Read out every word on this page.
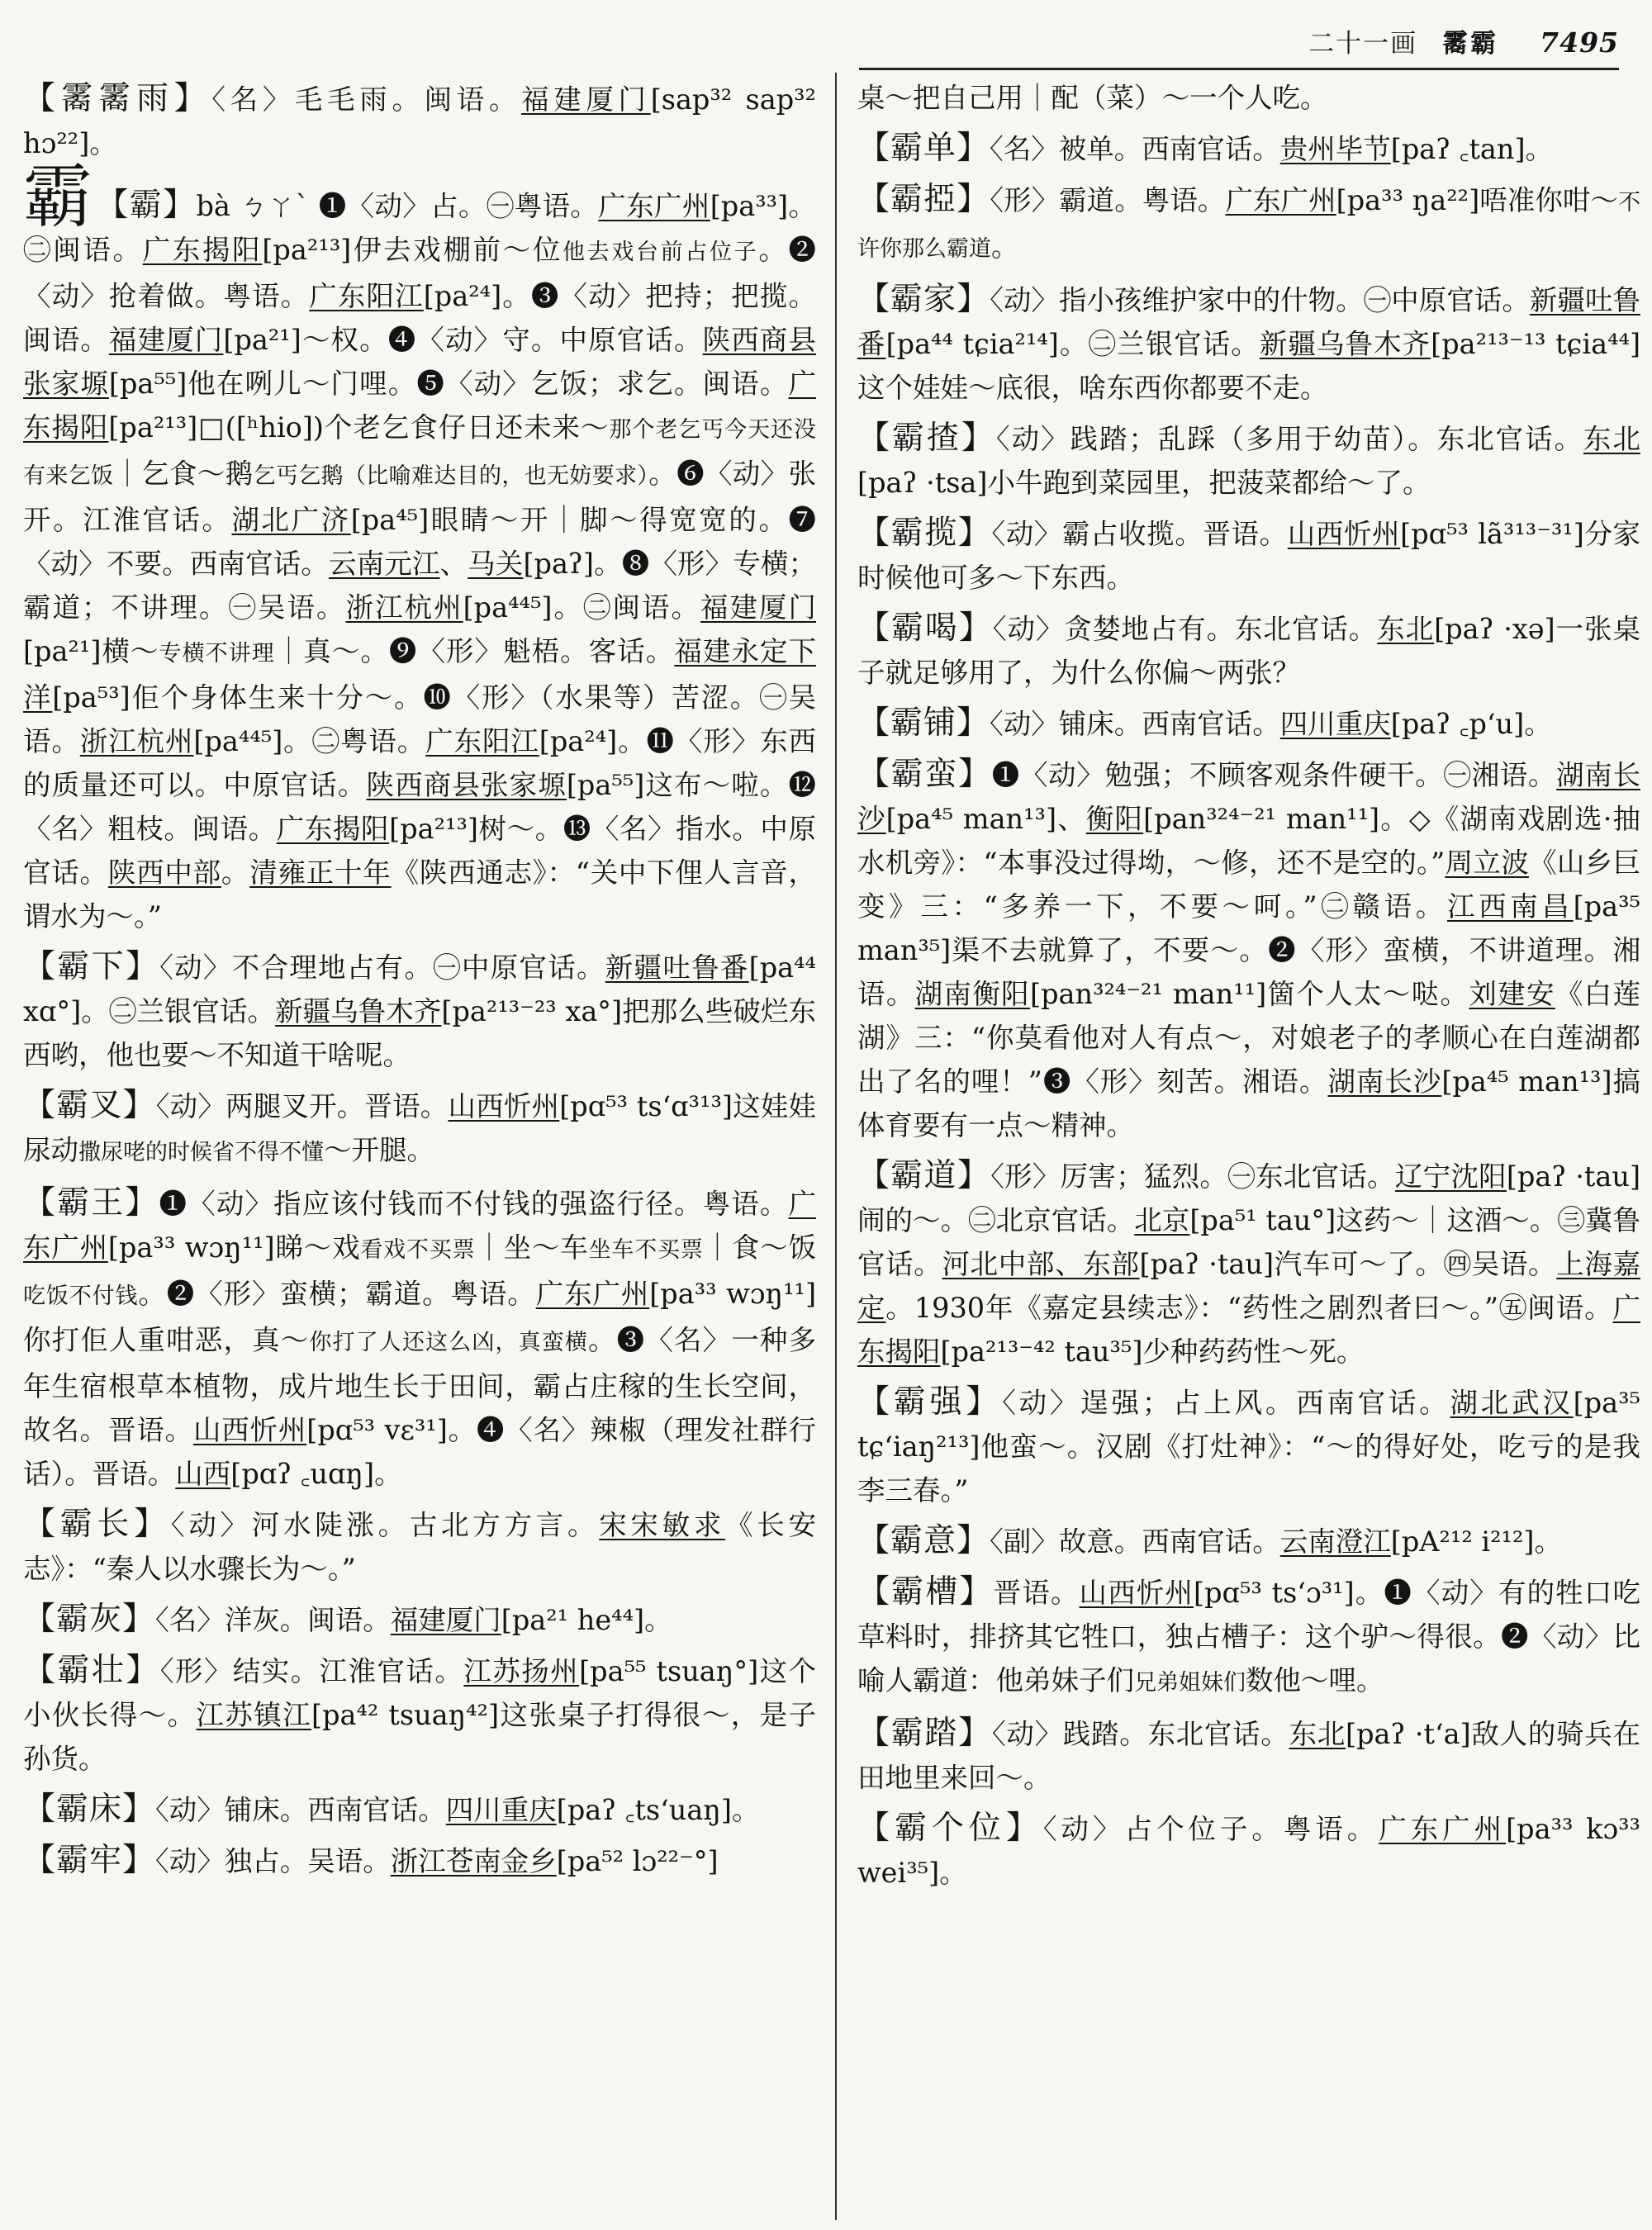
二十一画 霱霸 7495

【霱霱雨】〈名〉毛毛雨。闽语。福建厦门[sap³² sap³² hɔ²²]。

霸 【霸】bà ㄅㄚˋ ❶〈动〉占。㊀粤语。广东广州[pa³³]。㊁闽语。广东揭阳[pa²¹³]伊去戏棚前～位他去戏台前占位子。❷〈动〉抢着做。粤语。广东阳江[pa²⁴]。❸〈动〉把持；把揽。闽语。福建厦门[pa²¹]～权。❹〈动〉守。中原官话。陕西商县张家塬[pa⁵⁵]他在咧儿～门哩。❺〈动〉乞饭；求乞。闽语。广东揭阳[pa²¹³]□([ʰhio])个老乞食仔日还未来～那个老乞丐今天还没有来乞饭｜乞食～鹅乞丐乞鹅（比喻难达目的，也无妨要求）。❻〈动〉张开。江淮官话。湖北广济[pa⁴⁵]眼睛～开｜脚～得宽宽的。❼〈动〉不要。西南官话。云南元江、马关[paʔ]。❽〈形〉专横；霸道；不讲理。㊀吴语。浙江杭州[pa⁴⁴⁵]。㊁闽语。福建厦门[pa²¹]横～专横不讲理｜真～。❾〈形〉魁梧。客话。福建永定下洋[pa⁵³]佢个身体生来十分～。❿〈形〉（水果等）苦涩。㊀吴语。浙江杭州[pa⁴⁴⁵]。㊁粤语。广东阳江[pa²⁴]。⓫〈形〉东西的质量还可以。中原官话。陕西商县张家塬[pa⁵⁵]这布～啦。⓬〈名〉粗枝。闽语。广东揭阳[pa²¹³]树～。⓭〈名〉指水。中原官话。陕西中部。清雍正十年《陕西通志》：“关中下俚人言音，谓水为～。”

【霸下】〈动〉不合理地占有。㊀中原官话。新疆吐鲁番[pa⁴⁴ xɑ°]。㊁兰银官话。新疆乌鲁木齐[pa²¹³⁻²³ xa°]把那么些破烂东西哟，他也要～不知道干啥呢。

【霸叉】〈动〉两腿叉开。晋语。山西忻州[pɑ⁵³ tsʻɑ³¹³]这娃娃尿动撒尿咾的时候省不得不懂～开腿。

【霸王】❶〈动〉指应该付钱而不付钱的强盗行径。粤语。广东广州[pa³³ wɔŋ¹¹]睇～戏看戏不买票｜坐～车坐车不买票｜食～饭吃饭不付钱。❷〈形〉蛮横；霸道。粤语。广东广州[pa³³ wɔŋ¹¹]你打佢人重咁恶，真～你打了人还这么凶，真蛮横。❸〈名〉一种多年生宿根草本植物，成片地生长于田间，霸占庄稼的生长空间，故名。晋语。山西忻州[pɑ⁵³ vɛ³¹]。❹〈名〉辣椒（理发社群行话）。晋语。山西[pɑʔ ꜀uɑŋ]。

【霸长】〈动〉河水陡涨。古北方方言。宋宋敏求《长安志》：“秦人以水骤长为～。”

【霸灰】〈名〉洋灰。闽语。福建厦门[pa²¹ he⁴⁴]。

【霸壮】〈形〉结实。江淮官话。江苏扬州[pa⁵⁵ tsuaŋ°]这个小伙长得～。江苏镇江[pa⁴² tsuaŋ⁴²]这张桌子打得很～，是子孙货。

【霸床】〈动〉铺床。西南官话。四川重庆[paʔ ꜀tsʻuaŋ]。

【霸牢】〈动〉独占。吴语。浙江苍南金乡[pa⁵² lɔ²²⁻°]

桌～把自己用｜配（菜）～一个人吃。

【霸单】〈名〉被单。西南官话。贵州毕节[paʔ ꜀tan]。

【霸掗】〈形〉霸道。粤语。广东广州[pa³³ ŋa²²]唔准你咁～不许你那么霸道。

【霸家】〈动〉指小孩维护家中的什物。㊀中原官话。新疆吐鲁番[pa⁴⁴ tɕia²¹⁴]。㊁兰银官话。新疆乌鲁木齐[pa²¹³⁻¹³ tɕia⁴⁴]这个娃娃～底很，啥东西你都要不走。

【霸揸】〈动〉践踏；乱踩（多用于幼苗）。东北官话。东北[paʔ ·tsa]小牛跑到菜园里，把菠菜都给～了。

【霸揽】〈动〉霸占收揽。晋语。山西忻州[pɑ⁵³ lã³¹³⁻³¹]分家时候他可多～下东西。

【霸喝】〈动〉贪婪地占有。东北官话。东北[paʔ ·xə]一张桌子就足够用了，为什么你偏～两张？

【霸铺】〈动〉铺床。西南官话。四川重庆[paʔ ꜀pʻu]。

【霸蛮】❶〈动〉勉强；不顾客观条件硬干。㊀湘语。湖南长沙[pa⁴⁵ man¹³]、衡阳[pan³²⁴⁻²¹ man¹¹]。◇《湖南戏剧选·抽水机旁》：“本事没过得坳，～修，还不是空的。”周立波《山乡巨变》三：“多养一下，不要～呵。”㊁赣语。江西南昌[pa³⁵ man³⁵]渠不去就算了，不要～。❷〈形〉蛮横，不讲道理。湘语。湖南衡阳[pan³²⁴⁻²¹ man¹¹]箇个人太～哒。刘建安《白莲湖》三：“你莫看他对人有点～，对娘老子的孝顺心在白莲湖都出了名的哩！”❸〈形〉刻苦。湘语。湖南长沙[pa⁴⁵ man¹³]搞体育要有一点～精神。

【霸道】〈形〉厉害；猛烈。㊀东北官话。辽宁沈阳[paʔ ·tau]闹的～。㊁北京官话。北京[pa⁵¹ tau°]这药～｜这酒～。㊂冀鲁官话。河北中部、东部[paʔ ·tau]汽车可～了。㊃吴语。上海嘉定。1930年《嘉定县续志》：“药性之剧烈者曰～。”㊄闽语。广东揭阳[pa²¹³⁻⁴² tau³⁵]少种药药性～死。

【霸强】〈动〉逞强；占上风。西南官话。湖北武汉[pa³⁵ tɕʻiaŋ²¹³]他蛮～。汉剧《打灶神》：“～的得好处，吃亏的是我李三春。”

【霸意】〈副〉故意。西南官话。云南澄江[pA²¹² i²¹²]。

【霸槽】晋语。山西忻州[pɑ⁵³ tsʻɔ³¹]。❶〈动〉有的牲口吃草料时，排挤其它牲口，独占槽子：这个驴～得很。❷〈动〉比喻人霸道：他弟妹子们兄弟姐妹们数他～哩。

【霸踏】〈动〉践踏。东北官话。东北[paʔ ·tʻa]敌人的骑兵在田地里来回～。

【霸个位】〈动〉占个位子。粤语。广东广州[pa³³ kɔ³³ wei³⁵]。
